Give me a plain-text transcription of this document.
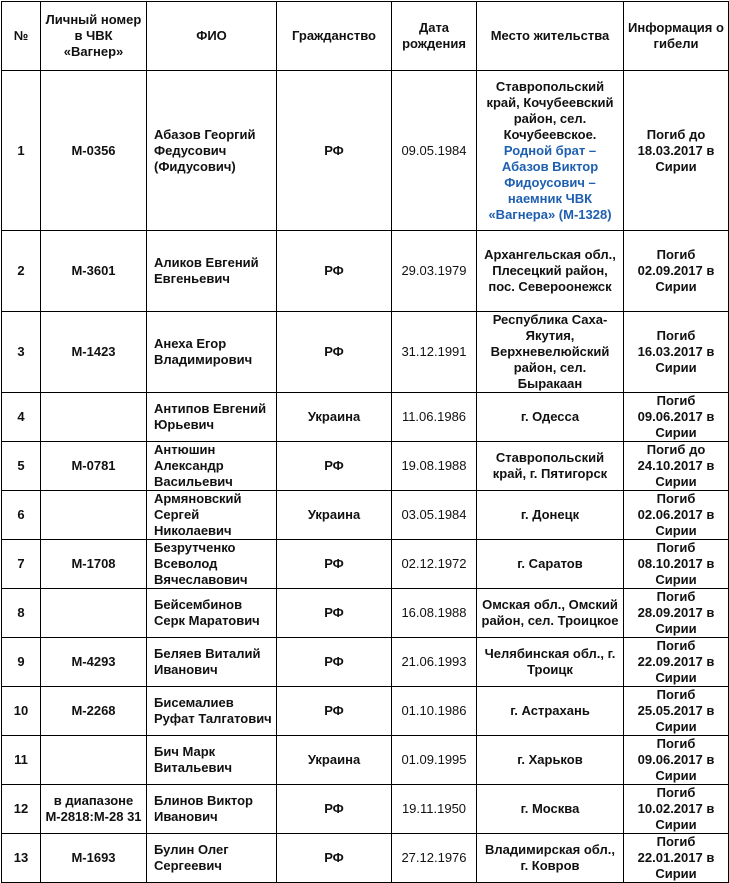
№	Личный номер в ЧВК «Вагнер»	ФИО	Гражданство	Дата рождения	Место жительства	Информация о гибели
1	М-0356	Абазов Георгий Федусович (Фидусович)	РФ	09.05.1984	Ставропольский край, Кочубеевский район, сел. Кочубеевское. Родной брат – Абазов Виктор Фидоусович – наемник ЧВК «Вагнера» (М-1328)	Погиб до 18.03.2017 в Сирии
2	М-3601	Аликов Евгений Евгеньевич	РФ	29.03.1979	Архангельская обл., Плесецкий район, пос. Североонежск	Погиб 02.09.2017 в Сирии
3	М-1423	Анеха Егор Владимирович	РФ	31.12.1991	Республика Саха-Якутия, Верхневелюйский район, сел. Быракаан	Погиб 16.03.2017 в Сирии
4		Антипов Евгений Юрьевич	Украина	11.06.1986	г. Одесса	Погиб 09.06.2017 в Сирии
5	М-0781	Антюшин Александр Васильевич	РФ	19.08.1988	Ставропольский край, г. Пятигорск	Погиб до 24.10.2017 в Сирии
6		Армяновский Сергей Николаевич	Украина	03.05.1984	г. Донецк	Погиб 02.06.2017 в Сирии
7	М-1708	Безрутченко Всеволод Вячеславович	РФ	02.12.1972	г. Саратов	Погиб 08.10.2017 в Сирии
8		Бейсембинов Серк Маратович	РФ	16.08.1988	Омская обл., Омский район, сел. Троицкое	Погиб 28.09.2017 в Сирии
9	М-4293	Беляев Виталий Иванович	РФ	21.06.1993	Челябинская обл., г. Троицк	Погиб 22.09.2017 в Сирии
10	М-2268	Бисемалиев Руфат Талгатович	РФ	01.10.1986	г. Астрахань	Погиб 25.05.2017 в Сирии
11		Бич Марк Витальевич	Украина	01.09.1995	г. Харьков	Погиб 09.06.2017 в Сирии
12	в диапазоне М-2818:М-28 31	Блинов Виктор Иванович	РФ	19.11.1950	г. Москва	Погиб 10.02.2017 в Сирии
13	М-1693	Булин Олег Сергеевич	РФ	27.12.1976	Владимирская обл., г. Ковров	Погиб 22.01.2017 в Сирии
